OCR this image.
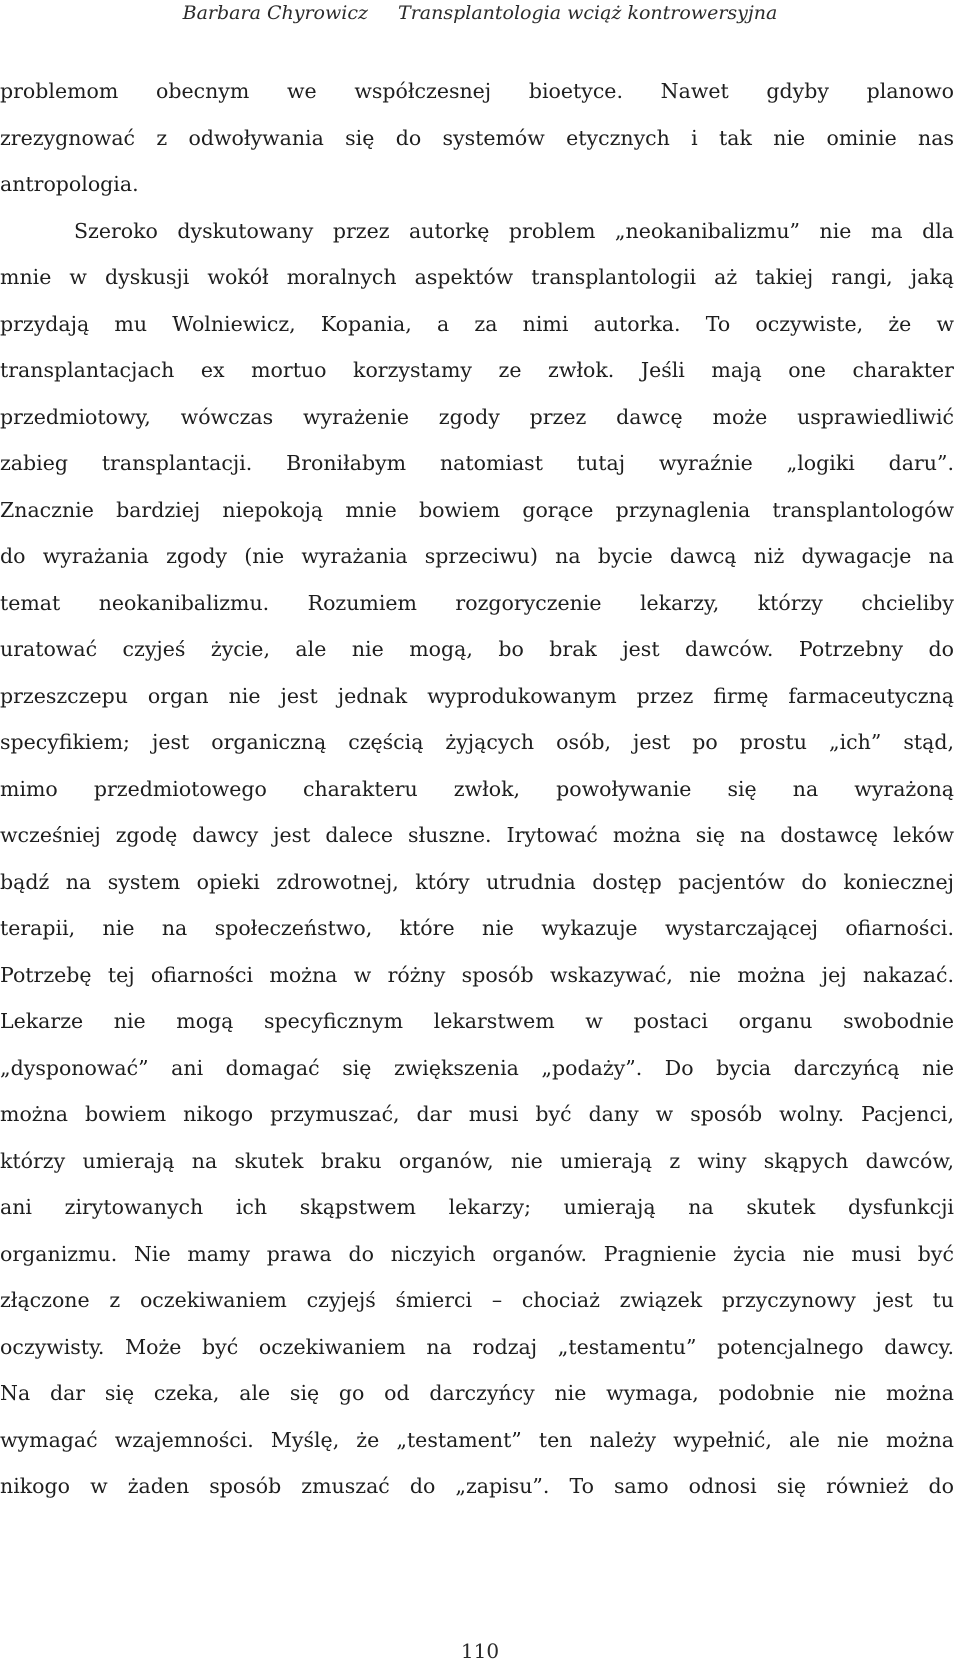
Barbara Chyrowicz Transplantologia wciąż kontrowersyjna
problemom obecnym we współczesnej bioetyce. Nawet gdyby planowo
zrezygnować z odwoływania się do systemów etycznych i tak nie ominie nas
antropologia.
Szeroko dyskutowany przez autorkę problem „neokanibalizmu” nie ma dla
mnie w dyskusji wokół moralnych aspektów transplantologii aż takiej rangi, jaką
przydają mu Wolniewicz, Kopania, a za nimi autorka. To oczywiste, że w
transplantacjach ex mortuo korzystamy ze zwłok. Jeśli mają one charakter
przedmiotowy, wówczas wyrażenie zgody przez dawcę może usprawiedliwić
zabieg transplantacji. Broniłabym natomiast tutaj wyraźnie „logiki daru”.
Znacznie bardziej niepokoją mnie bowiem gorące przynaglenia transplantologów
do wyrażania zgody (nie wyrażania sprzeciwu) na bycie dawcą niż dywagacje na
temat neokanibalizmu. Rozumiem rozgoryczenie lekarzy, którzy chcieliby
uratować czyjeś życie, ale nie mogą, bo brak jest dawców. Potrzebny do
przeszczepu organ nie jest jednak wyprodukowanym przez firmę farmaceutyczną
specyfikiem; jest organiczną częścią żyjących osób, jest po prostu „ich” stąd,
mimo przedmiotowego charakteru zwłok, powoływanie się na wyrażoną
wcześniej zgodę dawcy jest dalece słuszne. Irytować można się na dostawcę leków
bądź na system opieki zdrowotnej, który utrudnia dostęp pacjentów do koniecznej
terapii, nie na społeczeństwo, które nie wykazuje wystarczającej ofiarności.
Potrzebę tej ofiarności można w różny sposób wskazywać, nie można jej nakazać.
Lekarze nie mogą specyficznym lekarstwem w postaci organu swobodnie
„dysponować” ani domagać się zwiększenia „podaży”. Do bycia darczyńcą nie
można bowiem nikogo przymuszać, dar musi być dany w sposób wolny. Pacjenci,
którzy umierają na skutek braku organów, nie umierają z winy skąpych dawców,
ani zirytowanych ich skąpstwem lekarzy; umierają na skutek dysfunkcji
organizmu. Nie mamy prawa do niczyich organów. Pragnienie życia nie musi być
złączone z oczekiwaniem czyjejś śmierci – chociaż związek przyczynowy jest tu
oczywisty. Może być oczekiwaniem na rodzaj „testamentu” potencjalnego dawcy.
Na dar się czeka, ale się go od darczyńcy nie wymaga, podobnie nie można
wymagać wzajemności. Myślę, że „testament” ten należy wypełnić, ale nie można
nikogo w żaden sposób zmuszać do „zapisu”. To samo odnosi się również do
110
